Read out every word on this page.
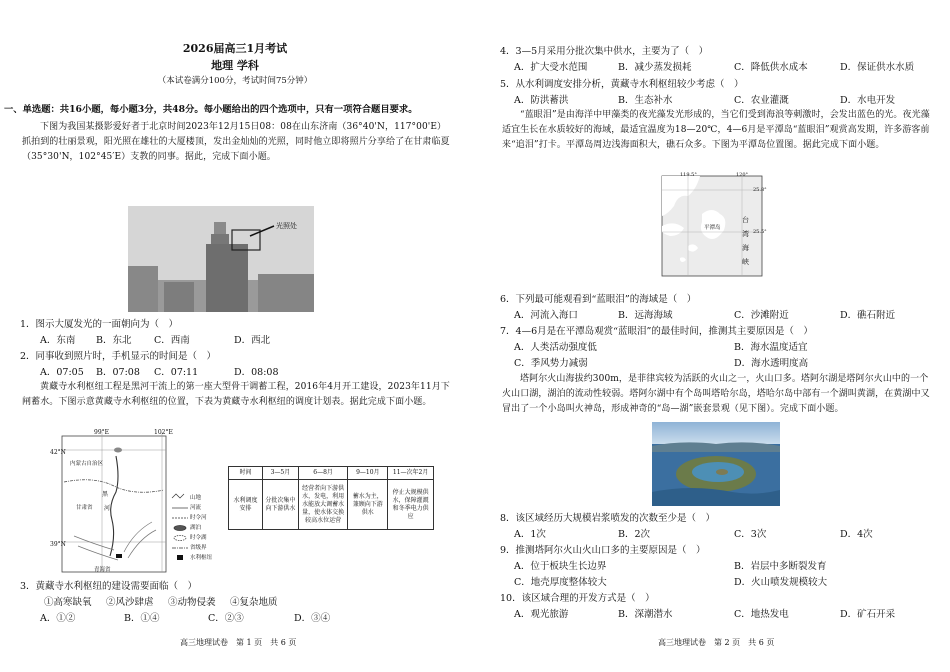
2026届高三1月考试
地理 学科
（本试卷满分100分，考试时间75分钟）
一、单选题：共16小题，每小题3分，共48分。每小题给出的四个选项中，只有一项符合题目要求。

下图为我国某摄影爱好者于北京时间2023年12月15日08：08在山东济南（36°40'N，117°00'E）抓拍到的壮丽景观，阳光照在雄壮的大厦楼顶，发出金灿灿的光照，同时他立即将照片分享给了在甘肃临夏（35°30'N，102°45′E）支教的同事。据此，完成下面小题。

光照处
1．图示大厦发光的一面朝向为（　）
A．东南	B．东北	C．西南	D．西北
2．同事收到照片时，手机显示的时间是（　）
A．07:05	B．07:08	C．07:11	D．08:08

黄藏寺水利枢纽工程是黑河干流上的第一座大型骨干调蓄工程，2016年4月开工建设，2023年11月下闸蓄水。下图示意黄藏寺水利枢纽的位置，下表为黄藏寺水利枢纽的调度计划表。据此完成下面小题。

99°E	102°E
42°N
39°N
内蒙古自治区
甘肃省
青海省
黑
河
山地
河流
时令河
湖泊
时令湖
省级界
水利枢纽
时间	3—5月	6—8月	9—10月	11—次年2月
水利调度安排	分批次集中向下游供水	经营者向下游供水，发电，利用水能放大调蓄水量，使水体交换较高水位运营	蓄水为主，兼顾向下游供水	停止大规模供水，保障灌溉和冬季电力供应
3．黄藏寺水利枢纽的建设需要面临（　）
①高寒缺氧	②风沙肆虐	③动物侵袭	④复杂地质
A．①②	B．①④	C．②③	D．③④
高三地理试卷　第 1 页　共 6 页
4．3—5月采用分批次集中供水，主要为了（　）
A．扩大受水范围	B．减少蒸发损耗	C．降低供水成本	D．保证供水水质
5．从水利调度安排分析，黄藏寺水利枢纽较少考虑（　）
A．防洪蓄洪	B．生态补水	C．农业灌溉	D．水电开发

“蓝眼泪”是由海洋中甲藻类的夜光藻发光形成的，当它们受到海浪等刺激时，会发出蓝色的光。夜光藻适宜生长在水质较好的海域，最适宜温度为18—20℃，4—6月是平潭岛“蓝眼泪”观赏高发期，许多游客前来“追泪”打卡。平潭岛周边浅海面积大，礁石众多。下图为平潭岛位置图。据此完成下面小题。

119.5°	120°
25.8°
25.5°
平潭岛
台
湾
海
峡
6．下列最可能观看到“蓝眼泪”的海域是（　）
A．河流入海口	B．远海海域	C．沙滩附近	D．礁石附近
7．4—6月是在平潭岛观赏“蓝眼泪”的最佳时间，推测其主要原因是（　）
A．人类活动强度低	B．海水温度适宜
C．季风势力减弱	D．海水透明度高

塔阿尔火山海拔约300m，是菲律宾较为活跃的火山之一，火山口多。塔阿尔湖是塔阿尔火山中的一个火山口湖，湖泊的流动性较弱。塔阿尔湖中有个岛叫塔哈尔岛，塔哈尔岛中部有一个湖叫黄湖，在黄湖中又冒出了一个小岛叫火神岛，形成神奇的“岛—湖”嵌套景观（见下图）。完成下面小题。

8．该区域经历大规模岩浆喷发的次数至少是（　）
A．1次	B．2次	C．3次	D．4次
9．推测塔阿尔火山火山口多的主要原因是（　）
A．位于板块生长边界	B．岩层中多断裂发育
C．地壳厚度整体较大	D．火山喷发规模较大
10．该区域合理的开发方式是（　）
A．观光旅游	B．深潮潜水	C．地热发电	D．矿石开采
高三地理试卷　第 2 页　共 6 页
